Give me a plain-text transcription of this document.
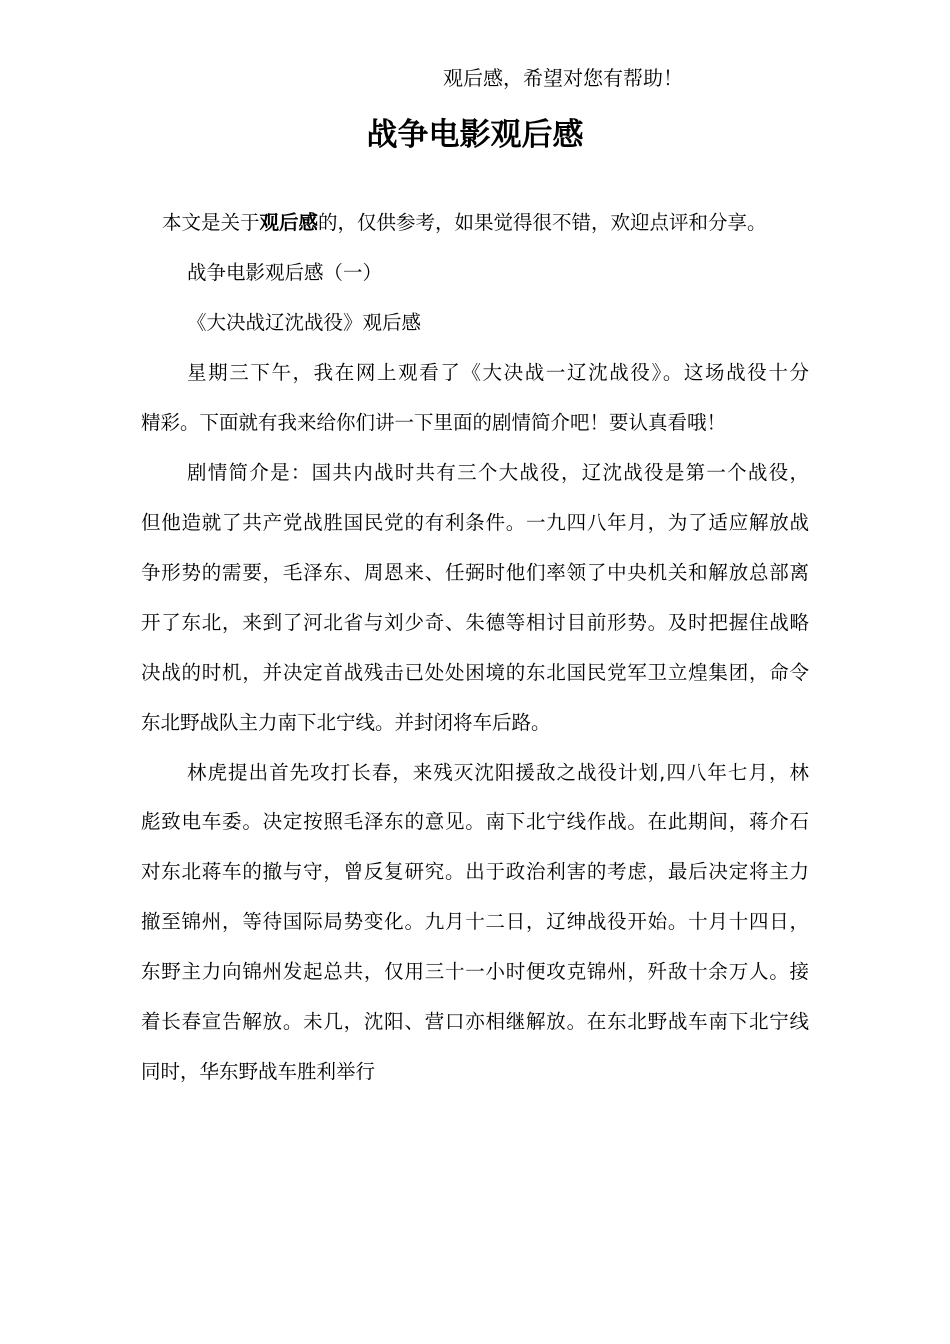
观后感，希望对您有帮助！
战争电影观后感
本文是关于观后感的，仅供参考，如果觉得很不错，欢迎点评和分享。
战争电影观后感（一）
《大决战辽沈战役》观后感
星期三下午，我在网上观看了《大决战一辽沈战役》。这场战役十分
精彩。下面就有我来给你们讲一下里面的剧情简介吧！要认真看哦！
剧情简介是：国共内战时共有三个大战役，辽沈战役是第一个战役，
但他造就了共产党战胜国民党的有利条件。一九四八年月，为了适应解放战
争形势的需要，毛泽东、周恩来、任弼时他们率领了中央机关和解放总部离
开了东北，来到了河北省与刘少奇、朱德等相讨目前形势。及时把握住战略
决战的时机，并决定首战残击已处处困境的东北国民党军卫立煌集团，命令
东北野战队主力南下北宁线。并封闭将车后路。
林虎提出首先攻打长春，来残灭沈阳援敌之战役计划,四八年七月，林
彪致电车委。决定按照毛泽东的意见。南下北宁线作战。在此期间，蒋介石
对东北蒋车的撤与守，曾反复研究。出于政治利害的考虑，最后决定将主力
撤至锦州，等待国际局势变化。九月十二日，辽绅战役开始。十月十四日，
东野主力向锦州发起总共，仅用三十一小时便攻克锦州，歼敌十余万人。接
着长春宣告解放。未几，沈阳、营口亦相继解放。在东北野战车南下北宁线
同时，华东野战车胜利举行
